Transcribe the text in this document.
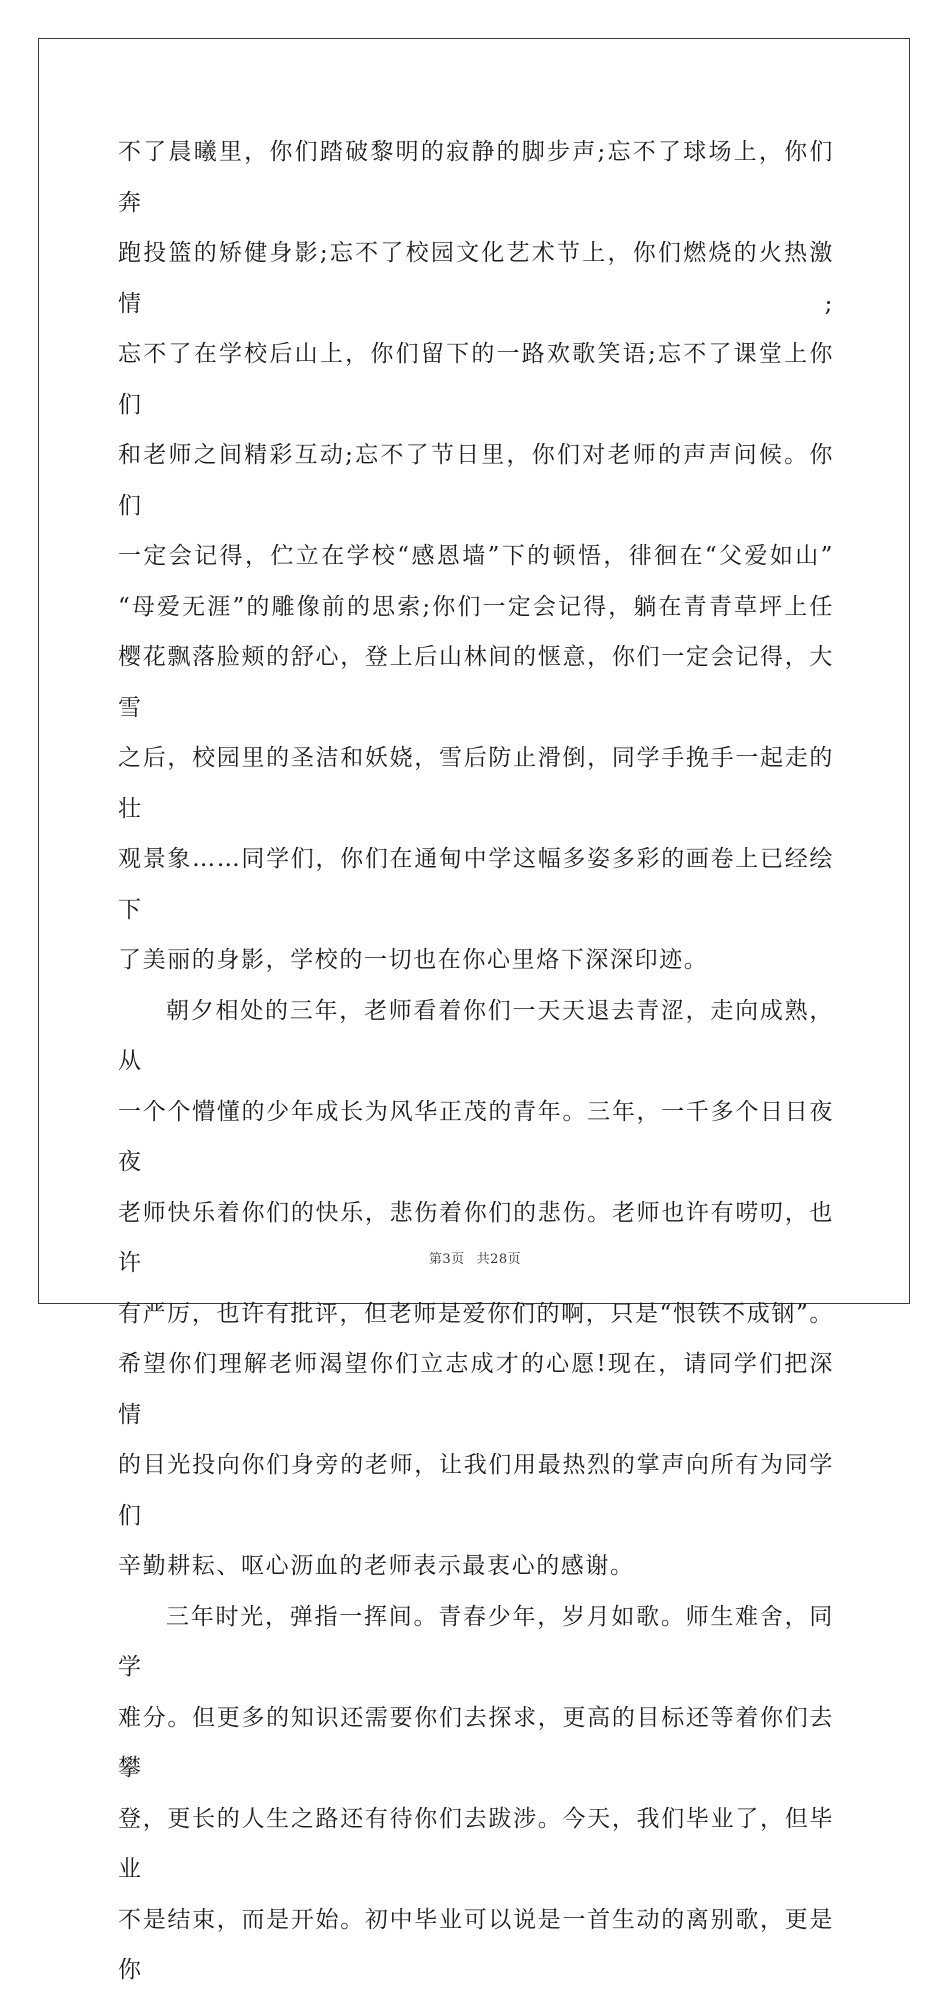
不了晨曦里，你们踏破黎明的寂静的脚步声;忘不了球场上，你们奔
跑投篮的矫健身影;忘不了校园文化艺术节上，你们燃烧的火热激情;
忘不了在学校后山上，你们留下的一路欢歌笑语;忘不了课堂上你们
和老师之间精彩互动;忘不了节日里，你们对老师的声声问候。你们
一定会记得，伫立在学校“感恩墙”下的顿悟，徘徊在“父爱如山”
“母爱无涯”的雕像前的思索;你们一定会记得，躺在青青草坪上任
樱花飘落脸颊的舒心，登上后山林间的惬意，你们一定会记得，大雪
之后，校园里的圣洁和妖娆，雪后防止滑倒，同学手挽手一起走的壮
观景象……同学们，你们在通甸中学这幅多姿多彩的画卷上已经绘下
了美丽的身影，学校的一切也在你心里烙下深深印迹。
朝夕相处的三年，老师看着你们一天天退去青涩，走向成熟，从
一个个懵懂的少年成长为风华正茂的青年。三年，一千多个日日夜夜
老师快乐着你们的快乐，悲伤着你们的悲伤。老师也许有唠叨，也许
有严厉，也许有批评，但老师是爱你们的啊，只是“恨铁不成钢”。
希望你们理解老师渴望你们立志成才的心愿!现在，请同学们把深情
的目光投向你们身旁的老师，让我们用最热烈的掌声向所有为同学们
辛勤耕耘、呕心沥血的老师表示最衷心的感谢。
三年时光，弹指一挥间。青春少年，岁月如歌。师生难舍，同学
难分。但更多的知识还需要你们去探求，更高的目标还等着你们去攀
登，更长的人生之路还有待你们去跋涉。今天，我们毕业了，但毕业
不是结束，而是开始。初中毕业可以说是一首生动的离别歌，更是你
第3页 共28页
